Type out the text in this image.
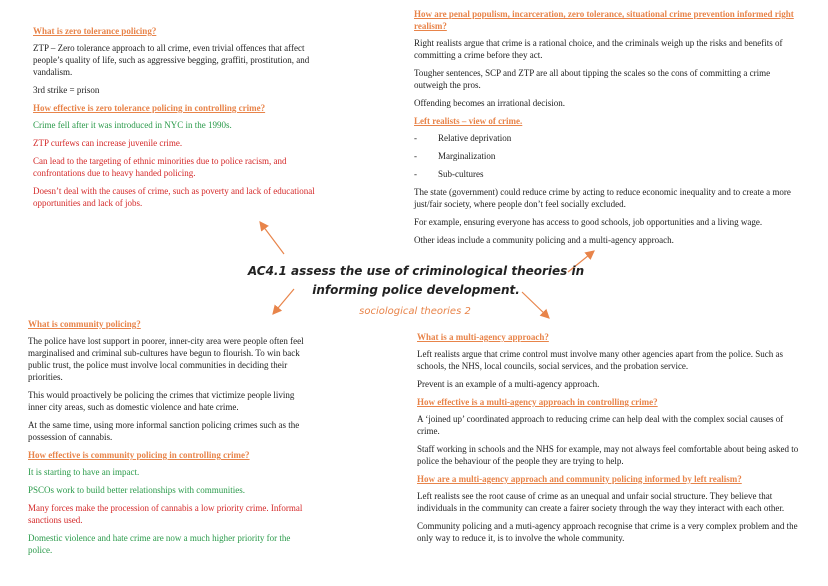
What is zero tolerance policing?
ZTP – Zero tolerance approach to all crime, even trivial offences that affect people’s quality of life, such as aggressive begging, graffiti, prostitution, and vandalism.
3rd strike = prison
How effective is zero tolerance policing in controlling crime?
Crime fell after it was introduced in NYC in the 1990s.
ZTP curfews can increase juvenile crime.
Can lead to the targeting of ethnic minorities due to police racism, and confrontations due to heavy handed policing.
Doesn’t deal with the causes of crime, such as poverty and lack of educational opportunities and lack of jobs.
How are penal populism, incarceration, zero tolerance, situational crime prevention informed right realism?
Right realists argue that crime is a rational choice, and the criminals weigh up the risks and benefits of committing a crime before they act.
Tougher sentences, SCP and ZTP are all about tipping the scales so the cons of committing a crime outweigh the pros.
Offending becomes an irrational decision.
Left realists – view of crime.
-	Relative deprivation
-	Marginalization
-	Sub-cultures
The state (government) could reduce crime by acting to reduce economic inequality and to create a more just/fair society, where people don’t feel socially excluded.
For example, ensuring everyone has access to good schools, job opportunities and a living wage.
Other ideas include a community policing and a multi-agency approach.
AC4.1 assess the use of criminological theories in
informing police development.
sociological theories 2
What is community policing?
The police have lost support in poorer, inner-city area were people often feel marginalised and criminal sub-cultures have begun to flourish. To win back public trust, the police must involve local communities in deciding their priorities.
This would proactively be policing the crimes that victimize people living inner city areas, such as domestic violence and hate crime.
At the same time, using more informal sanction policing crimes such as the possession of cannabis.
How effective is community policing in controlling crime?
It is starting to have an impact.
PSCOs work to build better relationships with communities.
Many forces make the procession of cannabis a low priority crime. Informal sanctions used.
Domestic violence and hate crime are now a much higher priority for the police.
What is a multi-agency approach?
Left realists argue that crime control must involve many other agencies apart from the police. Such as schools, the NHS, local councils, social services, and the probation service.
Prevent is an example of a multi-agency approach.
How effective is a multi-agency approach in controlling crime?
A ‘joined up’ coordinated approach to reducing crime can help deal with the complex social causes of crime.
Staff working in schools and the NHS for example, may not always feel comfortable about being asked to police the behaviour of the people they are trying to help.
How are a multi-agency approach and community policing informed by left realism?
Left realists see the root cause of crime as an unequal and unfair social structure. They believe that individuals in the community can create a fairer society through the way they interact with each other.
Community policing and a muti-agency approach recognise that crime is a very complex problem and the only way to reduce it, is to involve the whole community.
